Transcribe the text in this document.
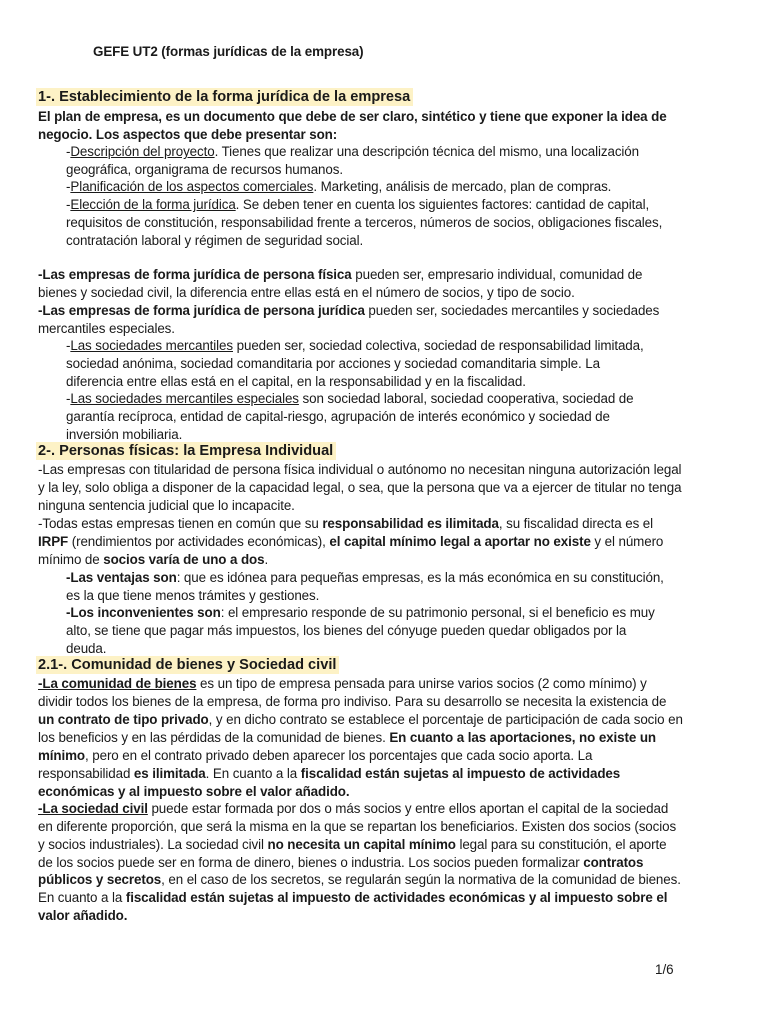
GEFE UT2 (formas jurídicas de la empresa)
1-. Establecimiento de la forma jurídica de la empresa
El plan de empresa, es un documento que debe de ser claro, sintético y tiene que exponer la idea de
negocio. Los aspectos que debe presentar son:
-Descripción del proyecto. Tienes que realizar una descripción técnica del mismo, una localización
geográfica, organigrama de recursos humanos.
-Planificación de los aspectos comerciales. Marketing, análisis de mercado, plan de compras.
-Elección de la forma jurídica. Se deben tener en cuenta los siguientes factores: cantidad de capital,
requisitos de constitución, responsabilidad frente a terceros, números de socios, obligaciones fiscales,
contratación laboral y régimen de seguridad social.
-Las empresas de forma jurídica de persona física pueden ser, empresario individual, comunidad de
bienes y sociedad civil, la diferencia entre ellas está en el número de socios, y tipo de socio.
-Las empresas de forma jurídica de persona jurídica pueden ser, sociedades mercantiles y sociedades
mercantiles especiales.
-Las sociedades mercantiles pueden ser, sociedad colectiva, sociedad de responsabilidad limitada,
sociedad anónima, sociedad comanditaria por acciones y sociedad comanditaria simple. La
diferencia entre ellas está en el capital, en la responsabilidad y en la fiscalidad.
-Las sociedades mercantiles especiales son sociedad laboral, sociedad cooperativa, sociedad de
garantía recíproca, entidad de capital-riesgo, agrupación de interés económico y sociedad de
inversión mobiliaria.
2-. Personas físicas: la Empresa Individual
-Las empresas con titularidad de persona física individual o autónomo no necesitan ninguna autorización legal
y la ley, solo obliga a disponer de la capacidad legal, o sea, que la persona que va a ejercer de titular no tenga
ninguna sentencia judicial que lo incapacite.
-Todas estas empresas tienen en común que su responsabilidad es ilimitada, su fiscalidad directa es el
IRPF (rendimientos por actividades económicas), el capital mínimo legal a aportar no existe y el número
mínimo de socios varía de uno a dos.
-Las ventajas son: que es idónea para pequeñas empresas, es la más económica en su constitución,
es la que tiene menos trámites y gestiones.
-Los inconvenientes son: el empresario responde de su patrimonio personal, si el beneficio es muy
alto, se tiene que pagar más impuestos, los bienes del cónyuge pueden quedar obligados por la
deuda.
2.1-. Comunidad de bienes y Sociedad civil
-La comunidad de bienes es un tipo de empresa pensada para unirse varios socios (2 como mínimo) y
dividir todos los bienes de la empresa, de forma pro indiviso. Para su desarrollo se necesita la existencia de
un contrato de tipo privado, y en dicho contrato se establece el porcentaje de participación de cada socio en
los beneficios y en las pérdidas de la comunidad de bienes. En cuanto a las aportaciones, no existe un
mínimo, pero en el contrato privado deben aparecer los porcentajes que cada socio aporta. La
responsabilidad es ilimitada. En cuanto a la fiscalidad están sujetas al impuesto de actividades
económicas y al impuesto sobre el valor añadido.
-La sociedad civil puede estar formada por dos o más socios y entre ellos aportan el capital de la sociedad
en diferente proporción, que será la misma en la que se repartan los beneficiarios. Existen dos socios (socios
y socios industriales). La sociedad civil no necesita un capital mínimo legal para su constitución, el aporte
de los socios puede ser en forma de dinero, bienes o industria. Los socios pueden formalizar contratos
públicos y secretos, en el caso de los secretos, se regularán según la normativa de la comunidad de bienes.
En cuanto a la fiscalidad están sujetas al impuesto de actividades económicas y al impuesto sobre el
valor añadido.
1/6
